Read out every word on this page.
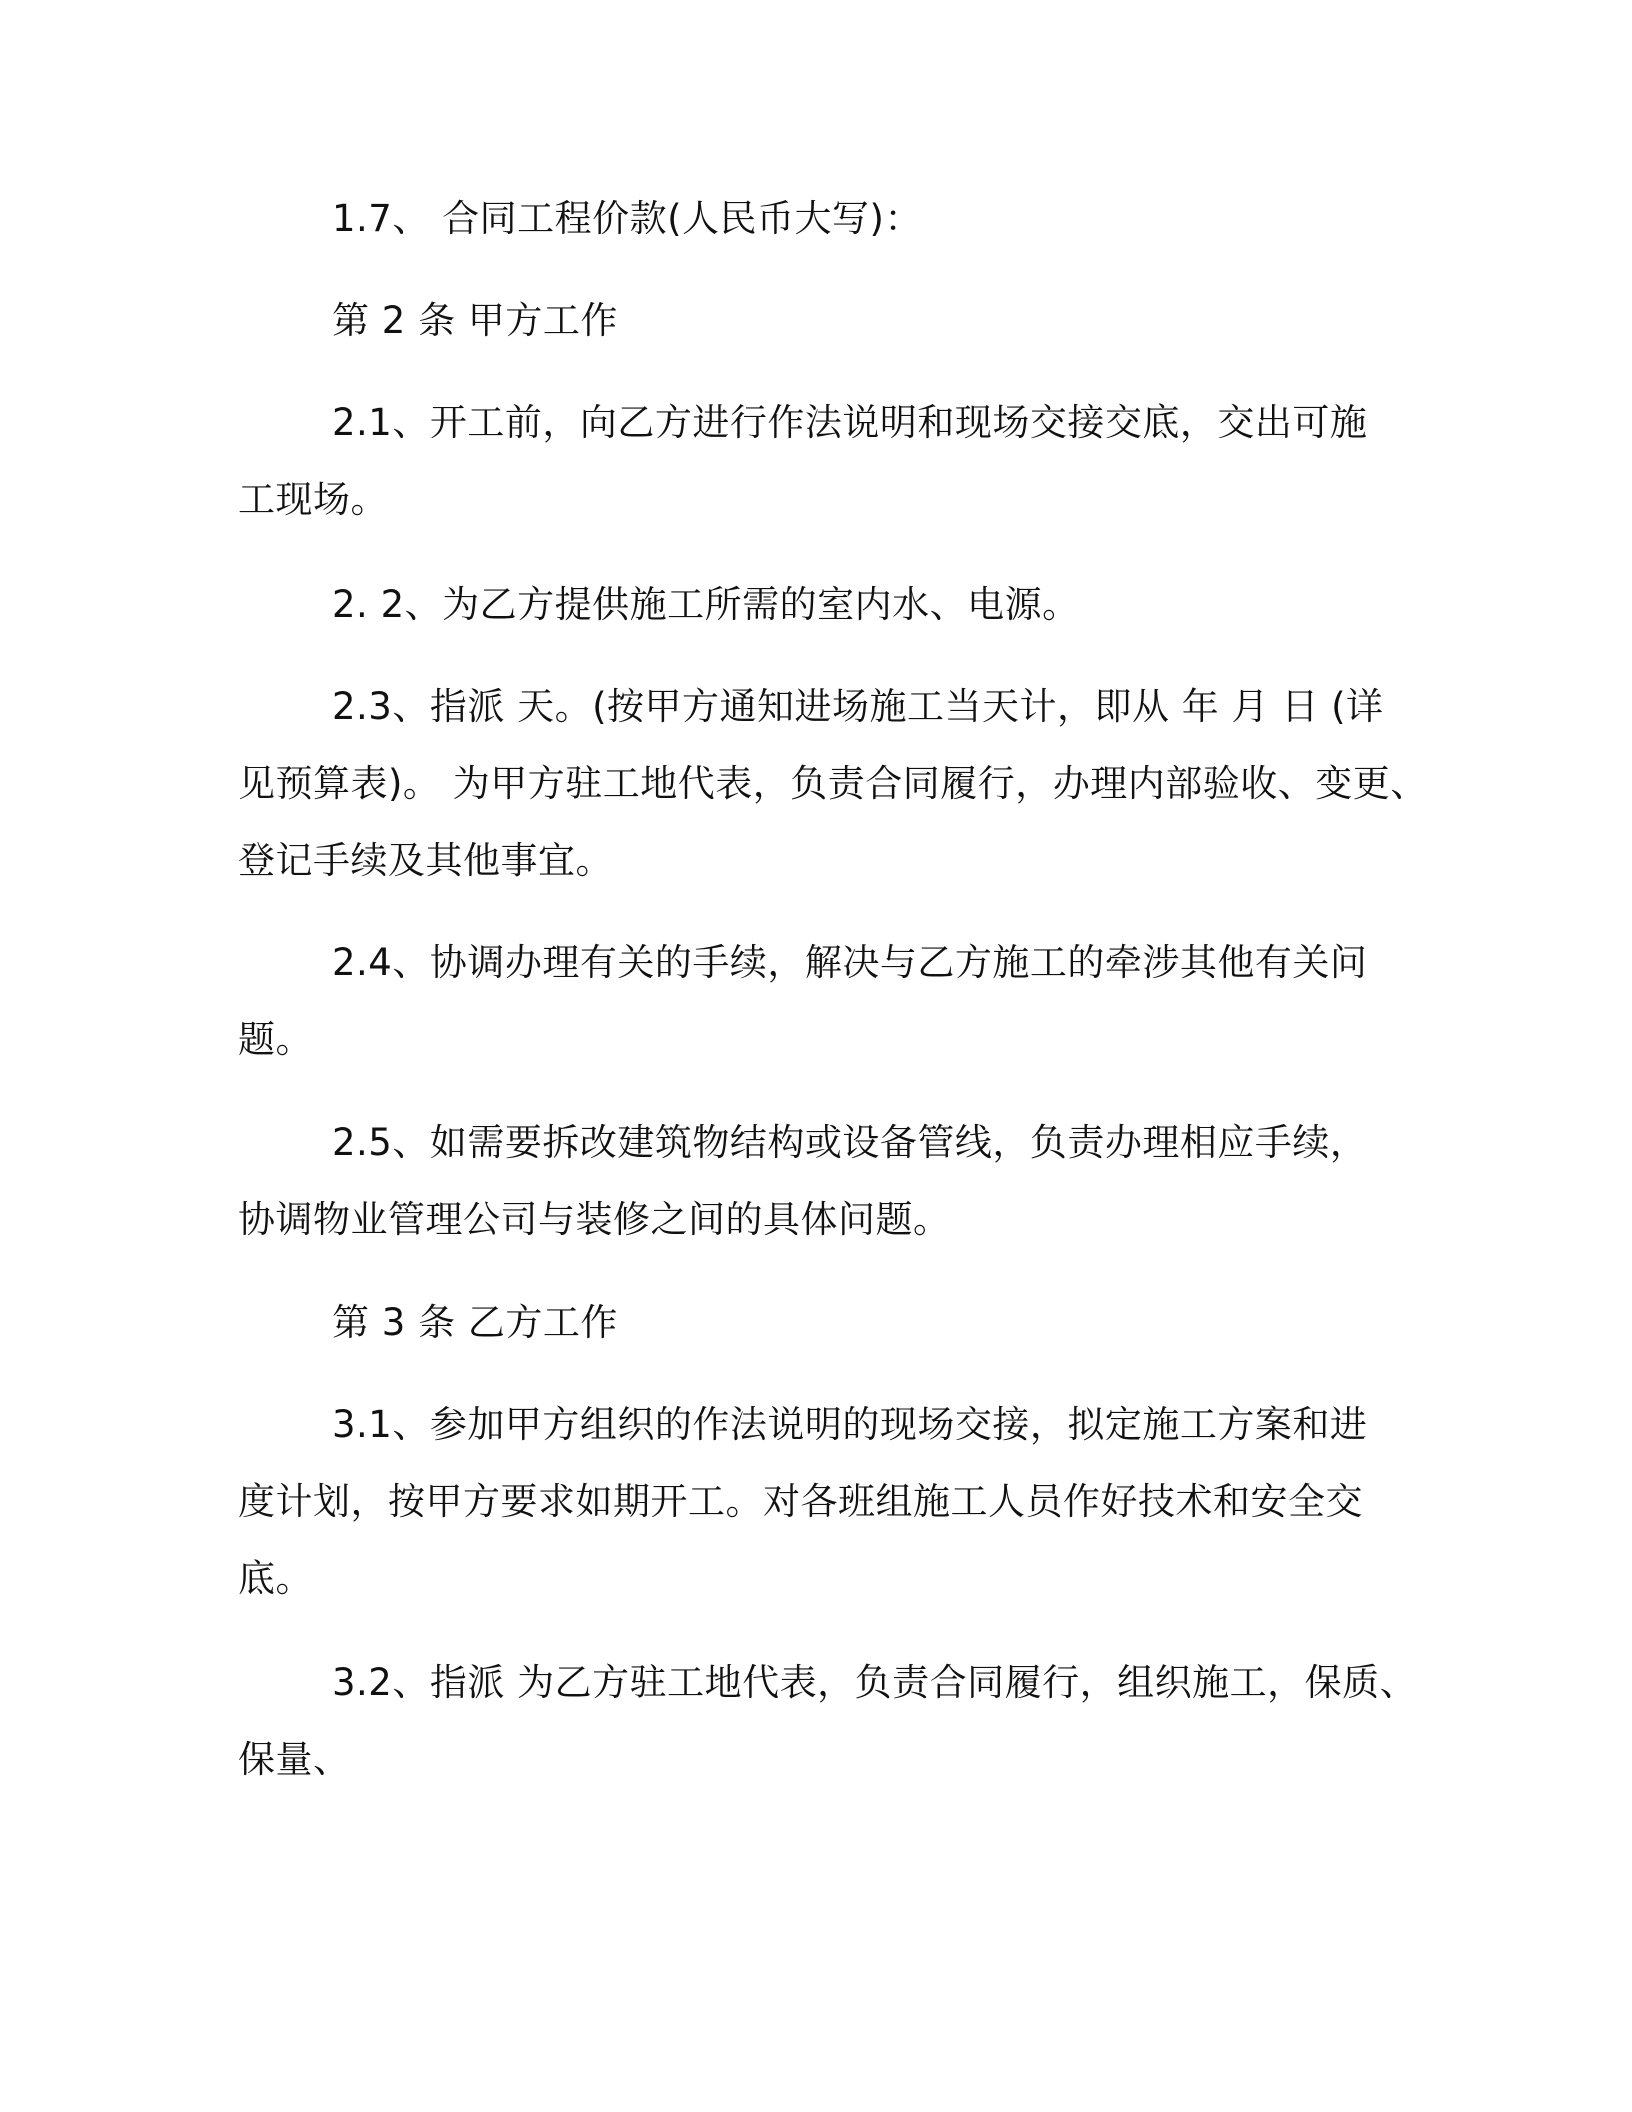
1.7、 合同工程价款(人民币大写)：
第 2 条 甲方工作
2.1、开工前，向乙方进行作法说明和现场交接交底，交出可施
工现场。
2. 2、为乙方提供施工所需的室内水、电源。
2.3、指派 天。(按甲方通知进场施工当天计，即从 年 月 日 (详
见预算表)。 为甲方驻工地代表，负责合同履行，办理内部验收、变更、
登记手续及其他事宜。
2.4、协调办理有关的手续，解决与乙方施工的牵涉其他有关问
题。
2.5、如需要拆改建筑物结构或设备管线，负责办理相应手续，
协调物业管理公司与装修之间的具体问题。
第 3 条 乙方工作
3.1、参加甲方组织的作法说明的现场交接，拟定施工方案和进
度计划，按甲方要求如期开工。对各班组施工人员作好技术和安全交
底。
3.2、指派 为乙方驻工地代表，负责合同履行，组织施工，保质、
保量、
